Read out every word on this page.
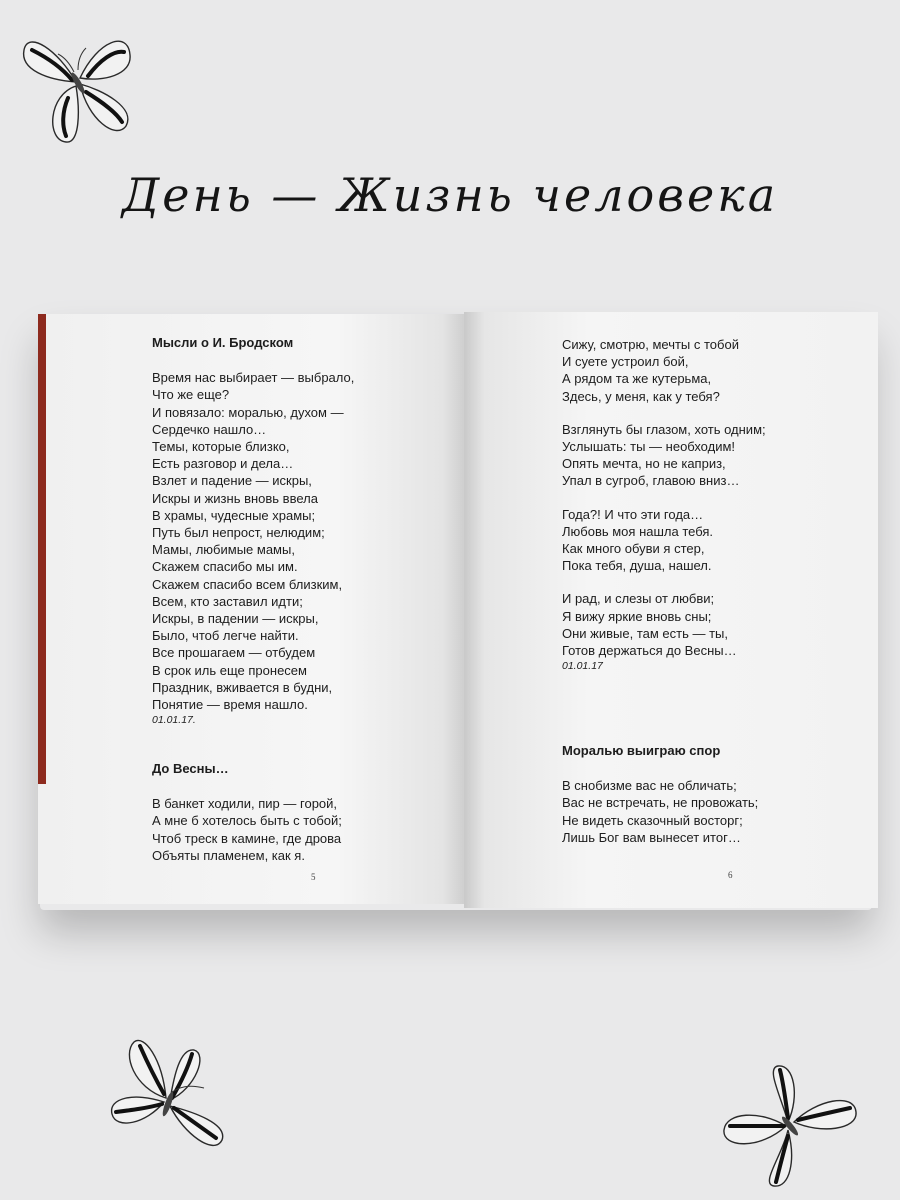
День — Жизнь человека
Мысли о И. Бродском
Время нас выбирает — выбрало,
Что же еще?
И повязало: моралью, духом —
Сердечко нашло…
Темы, которые близко,
Есть разговор и дела…
Взлет и падение — искры,
Искры и жизнь вновь ввела
В храмы, чудесные храмы;
Путь был непрост, нелюдим;
Мамы, любимые мамы,
Скажем спасибо мы им.
Скажем спасибо всем близким,
Всем, кто заставил идти;
Искры, в падении — искры,
Было, чтоб легче найти.
Все прошагаем — отбудем
В срок иль еще пронесем
Праздник, вживается в будни,
Понятие — время нашло.
01.01.17.
До Весны…
В банкет ходили, пир — горой,
А мне б хотелось быть с тобой;
Чтоб треск в камине, где дрова
Объяты пламенем, как я.
5
Сижу, смотрю, мечты с тобой
И суете устроил бой,
А рядом та же кутерьма,
Здесь, у меня, как у тебя?
Взглянуть бы глазом, хоть одним;
Услышать: ты — необходим!
Опять мечта, но не каприз,
Упал в сугроб, главою вниз…
Года?! И что эти года…
Любовь моя нашла тебя.
Как много обуви я стер,
Пока тебя, душа, нашел.
И рад, и слезы от любви;
Я вижу яркие вновь сны;
Они живые, там есть — ты,
Готов держаться до Весны…
01.01.17
Моралью выиграю спор
В снобизме вас не обличать;
Вас не встречать, не провожать;
Не видеть сказочный восторг;
Лишь Бог вам вынесет итог…
6
